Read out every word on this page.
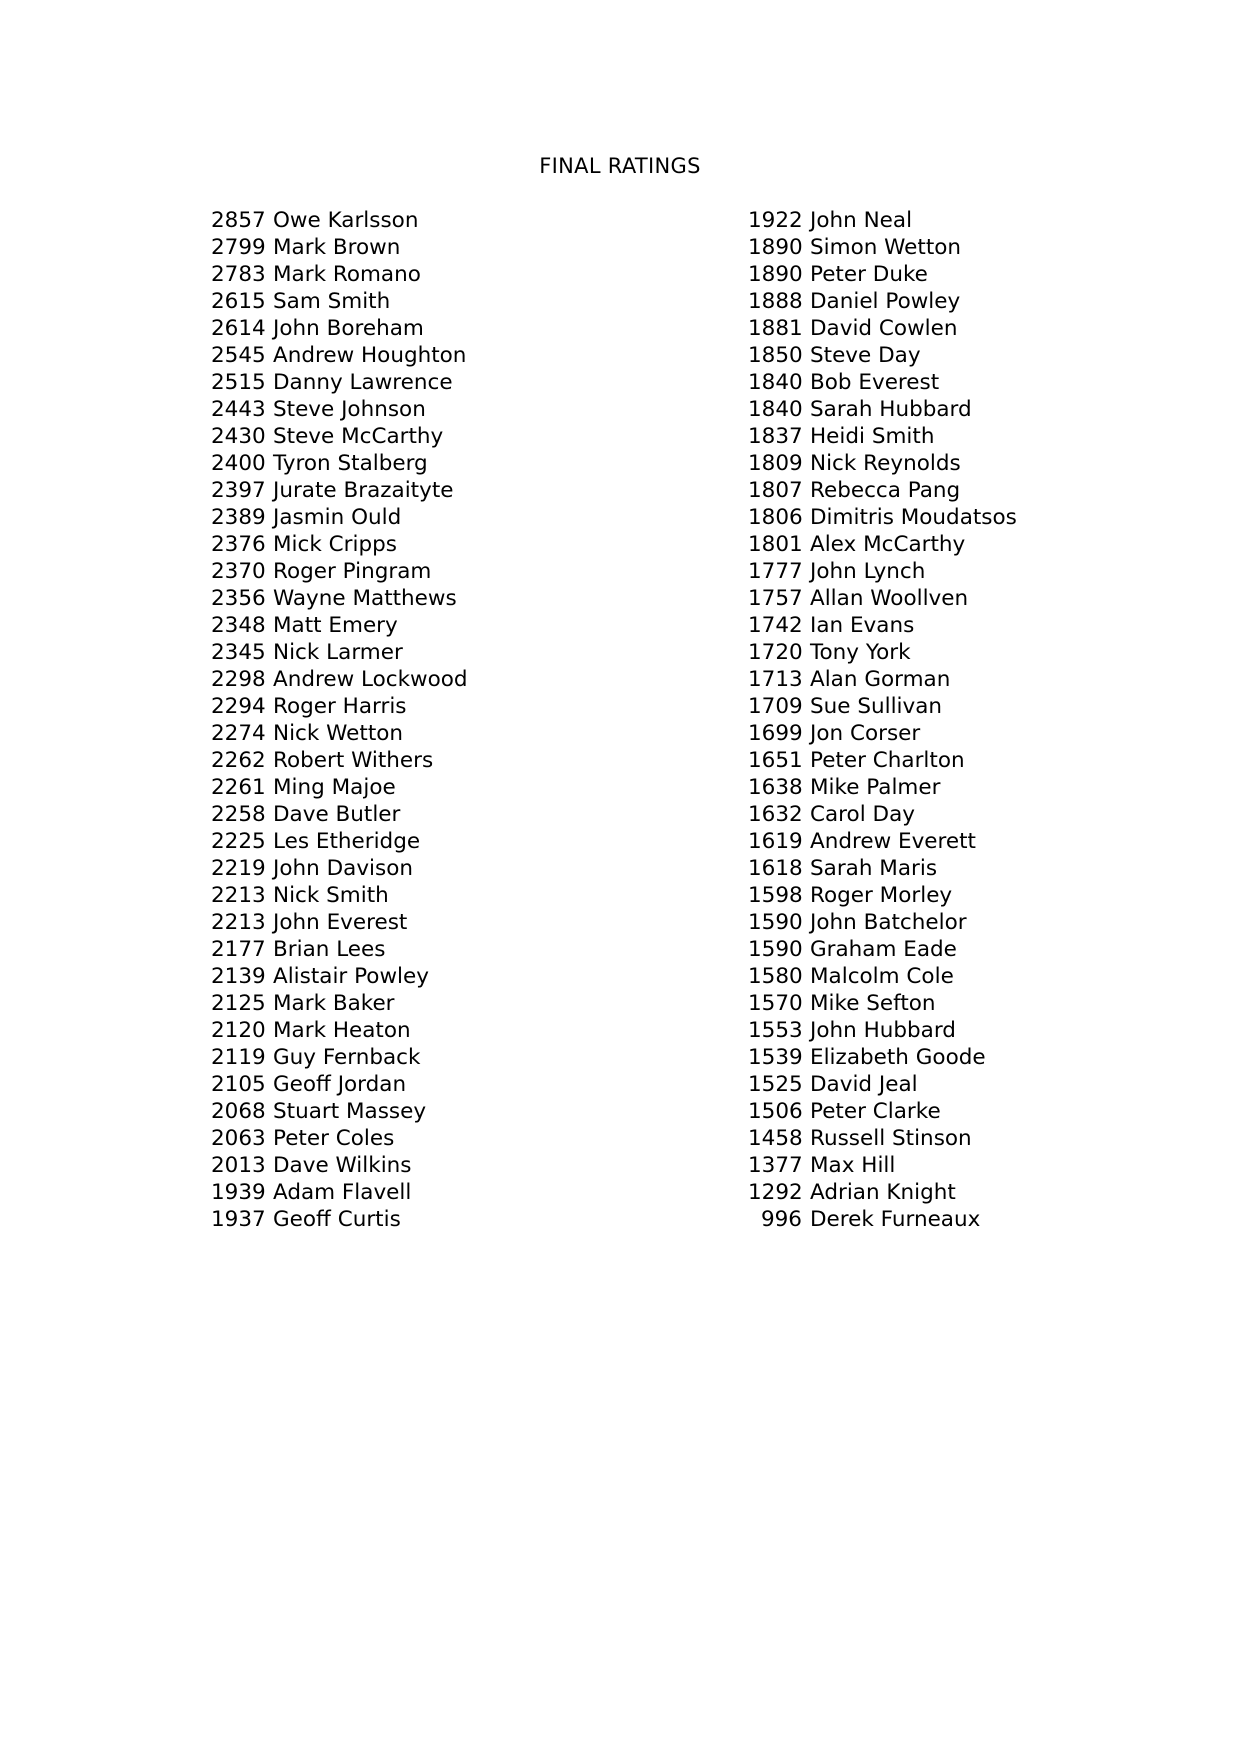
FINAL RATINGS
2857 Owe Karlsson
2799 Mark Brown
2783 Mark Romano
2615 Sam Smith
2614 John Boreham
2545 Andrew Houghton
2515 Danny Lawrence
2443 Steve Johnson
2430 Steve McCarthy
2400 Tyron Stalberg
2397 Jurate Brazaityte
2389 Jasmin Ould
2376 Mick Cripps
2370 Roger Pingram
2356 Wayne Matthews
2348 Matt Emery
2345 Nick Larmer
2298 Andrew Lockwood
2294 Roger Harris
2274 Nick Wetton
2262 Robert Withers
2261 Ming Majoe
2258 Dave Butler
2225 Les Etheridge
2219 John Davison
2213 Nick Smith
2213 John Everest
2177 Brian Lees
2139 Alistair Powley
2125 Mark Baker
2120 Mark Heaton
2119 Guy Fernback
2105 Geoff Jordan
2068 Stuart Massey
2063 Peter Coles
2013 Dave Wilkins
1939 Adam Flavell
1937 Geoff Curtis
1922 John Neal
1890 Simon Wetton
1890 Peter Duke
1888 Daniel Powley
1881 David Cowlen
1850 Steve Day
1840 Bob Everest
1840 Sarah Hubbard
1837 Heidi Smith
1809 Nick Reynolds
1807 Rebecca Pang
1806 Dimitris Moudatsos
1801 Alex McCarthy
1777 John Lynch
1757 Allan Woollven
1742 Ian Evans
1720 Tony York
1713 Alan Gorman
1709 Sue Sullivan
1699 Jon Corser
1651 Peter Charlton
1638 Mike Palmer
1632 Carol Day
1619 Andrew Everett
1618 Sarah Maris
1598 Roger Morley
1590 John Batchelor
1590 Graham Eade
1580 Malcolm Cole
1570 Mike Sefton
1553 John Hubbard
1539 Elizabeth Goode
1525 David Jeal
1506 Peter Clarke
1458 Russell Stinson
1377 Max Hill
1292 Adrian Knight
996 Derek Furneaux
